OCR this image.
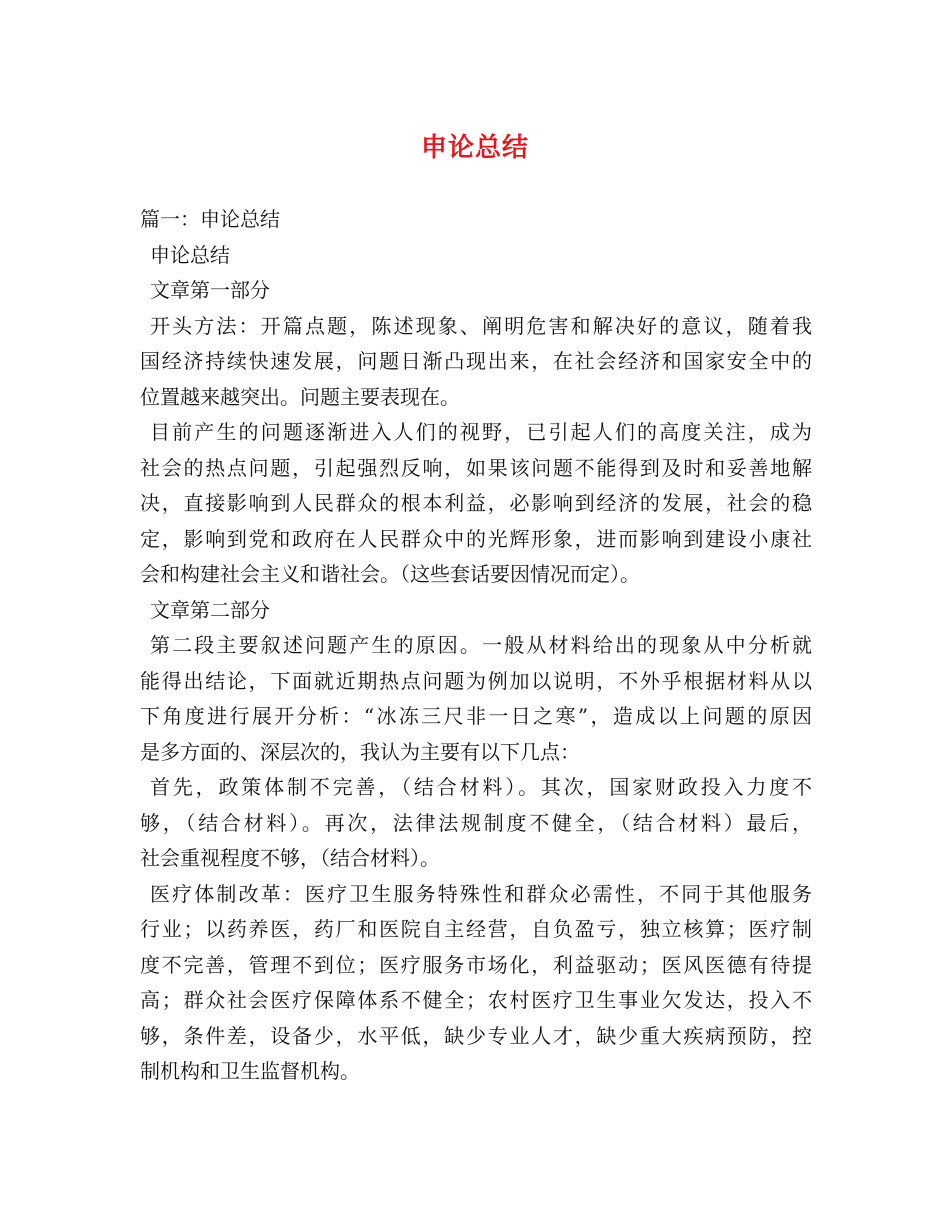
申论总结
篇一：申论总结
申论总结
文章第一部分
开头方法：开篇点题，陈述现象、阐明危害和解决好的意议，随着我
国经济持续快速发展，问题日渐凸现出来，在社会经济和国家安全中的
位置越来越突出。问题主要表现在。
目前产生的问题逐渐进入人们的视野，已引起人们的高度关注，成为
社会的热点问题，引起强烈反响，如果该问题不能得到及时和妥善地解
决，直接影响到人民群众的根本利益，必影响到经济的发展，社会的稳
定，影响到党和政府在人民群众中的光辉形象，进而影响到建设小康社
会和构建社会主义和谐社会。（这些套话要因情况而定）。
文章第二部分
第二段主要叙述问题产生的原因。一般从材料给出的现象从中分析就
能得出结论，下面就近期热点问题为例加以说明，不外乎根据材料从以
下角度进行展开分析：“冰冻三尺非一日之寒”，造成以上问题的原因
是多方面的、深层次的，我认为主要有以下几点：
首先，政策体制不完善，（结合材料）。其次，国家财政投入力度不
够，（结合材料）。再次，法律法规制度不健全，（结合材料）最后，
社会重视程度不够，（结合材料）。
医疗体制改革：医疗卫生服务特殊性和群众必需性，不同于其他服务
行业；以药养医，药厂和医院自主经营，自负盈亏，独立核算；医疗制
度不完善，管理不到位；医疗服务市场化，利益驱动；医风医德有待提
高；群众社会医疗保障体系不健全；农村医疗卫生事业欠发达，投入不
够，条件差，设备少，水平低，缺少专业人才，缺少重大疾病预防，控
制机构和卫生监督机构。
